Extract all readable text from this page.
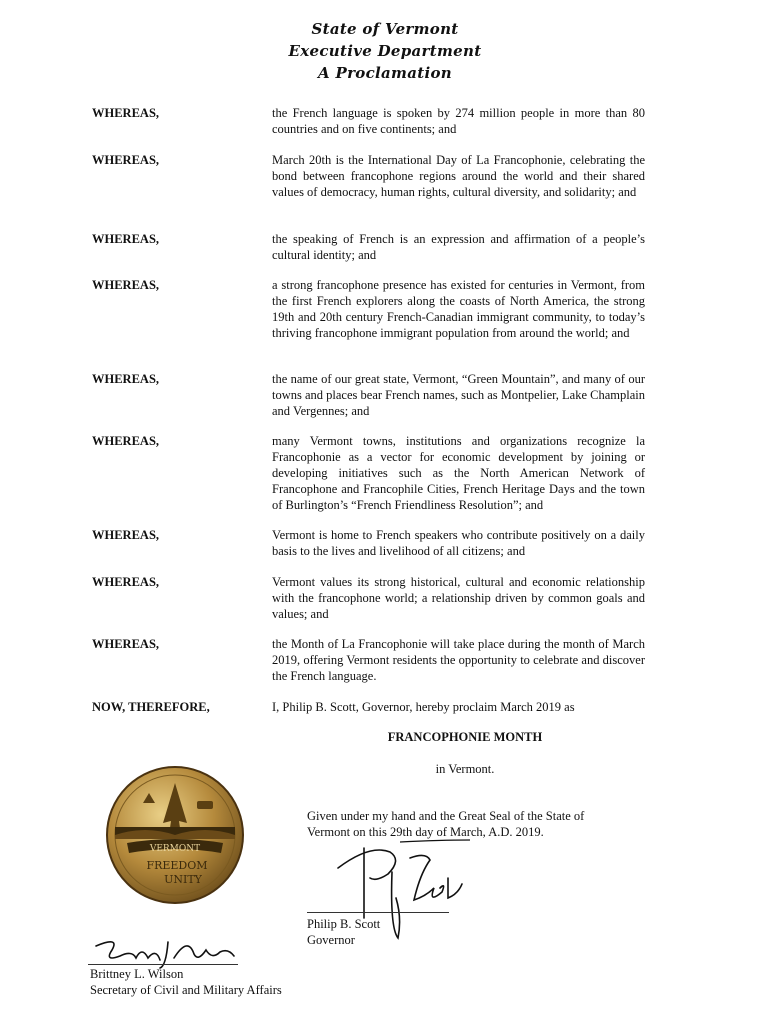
State of Vermont
Executive Department
A Proclamation
WHEREAS,	the French language is spoken by 274 million people in more than 80 countries and on five continents; and
WHEREAS,	March 20th is the International Day of La Francophonie, celebrating the bond between francophone regions around the world and their shared values of democracy, human rights, cultural diversity, and solidarity; and
WHEREAS,	the speaking of French is an expression and affirmation of a people’s cultural identity; and
WHEREAS,	a strong francophone presence has existed for centuries in Vermont, from the first French explorers along the coasts of North America, the strong 19th and 20th century French-Canadian immigrant community, to today’s thriving francophone immigrant population from around the world; and
WHEREAS,	the name of our great state, Vermont, “Green Mountain”, and many of our towns and places bear French names, such as Montpelier, Lake Champlain and Vergennes; and
WHEREAS,	many Vermont towns, institutions and organizations recognize la Francophonie as a vector for economic development by joining or developing initiatives such as the North American Network of Francophone and Francophile Cities, French Heritage Days and the town of Burlington’s “French Friendliness Resolution”; and
WHEREAS,	Vermont is home to French speakers who contribute positively on a daily basis to the lives and livelihood of all citizens; and
WHEREAS,	Vermont values its strong historical, cultural and economic relationship with the francophone world; a relationship driven by common goals and values; and
WHEREAS,	the Month of La Francophonie will take place during the month of March 2019, offering Vermont residents the opportunity to celebrate and discover the French language.
NOW, THEREFORE,	I, Philip B. Scott, Governor, hereby proclaim March 2019 as
FRANCOPHONIE MONTH
in Vermont.
Given under my hand and the Great Seal of the State of Vermont on this 29th day of March, A.D. 2019.
VERMONT
FREEDOM
UNITY
Philip B. Scott
Governor
Brittney L. Wilson
Secretary of Civil and Military Affairs
